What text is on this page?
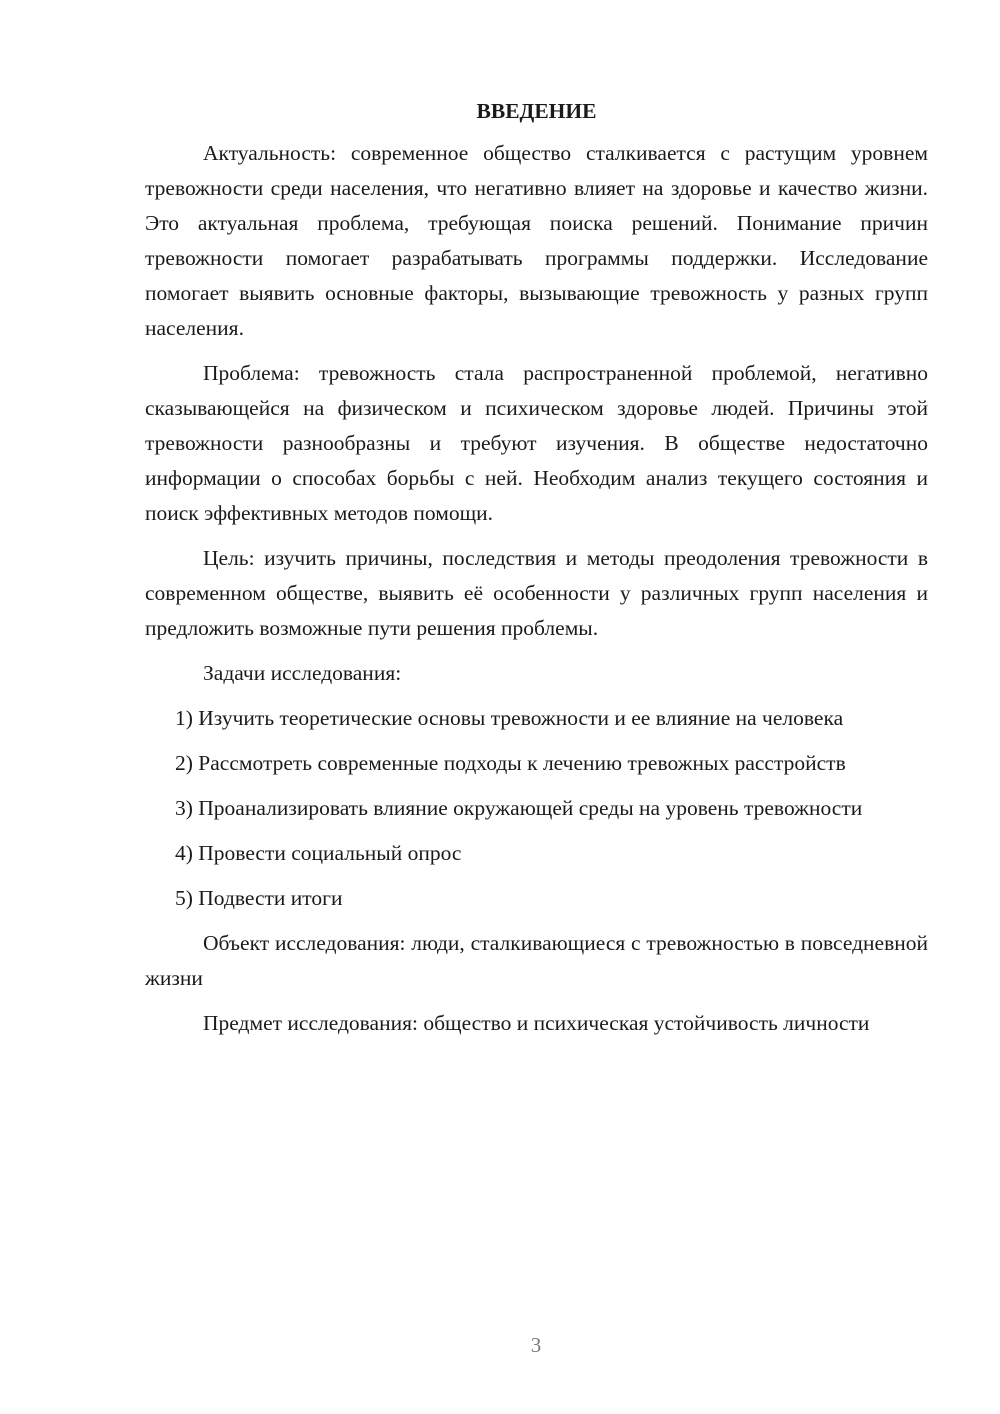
ВВЕДЕНИЕ

Актуальность: современное общество сталкивается с растущим уровнем тревожности среди населения, что негативно влияет на здоровье и качество жизни. Это актуальная проблема, требующая поиска решений. Понимание причин тревожности помогает разрабатывать программы поддержки. Исследование помогает выявить основные факторы, вызывающие тревожность у разных групп населения.

Проблема: тревожность стала распространенной проблемой, негативно сказывающейся на физическом и психическом здоровье людей. Причины этой тревожности разнообразны и требуют изучения. В обществе недостаточно информации о способах борьбы с ней. Необходим анализ текущего состояния и поиск эффективных методов помощи.

Цель: изучить причины, последствия и методы преодоления тревожности в современном обществе, выявить её особенности у различных групп населения и предложить возможные пути решения проблемы.

Задачи исследования:

1) Изучить теоретические основы тревожности и ее влияние на человека

2) Рассмотреть современные подходы к лечению тревожных расстройств

3) Проанализировать влияние окружающей среды на уровень тревожности

4) Провести социальный опрос

5) Подвести итоги

Объект исследования: люди, сталкивающиеся с тревожностью в повседневной жизни

Предмет исследования: общество и психическая устойчивость личности

3
